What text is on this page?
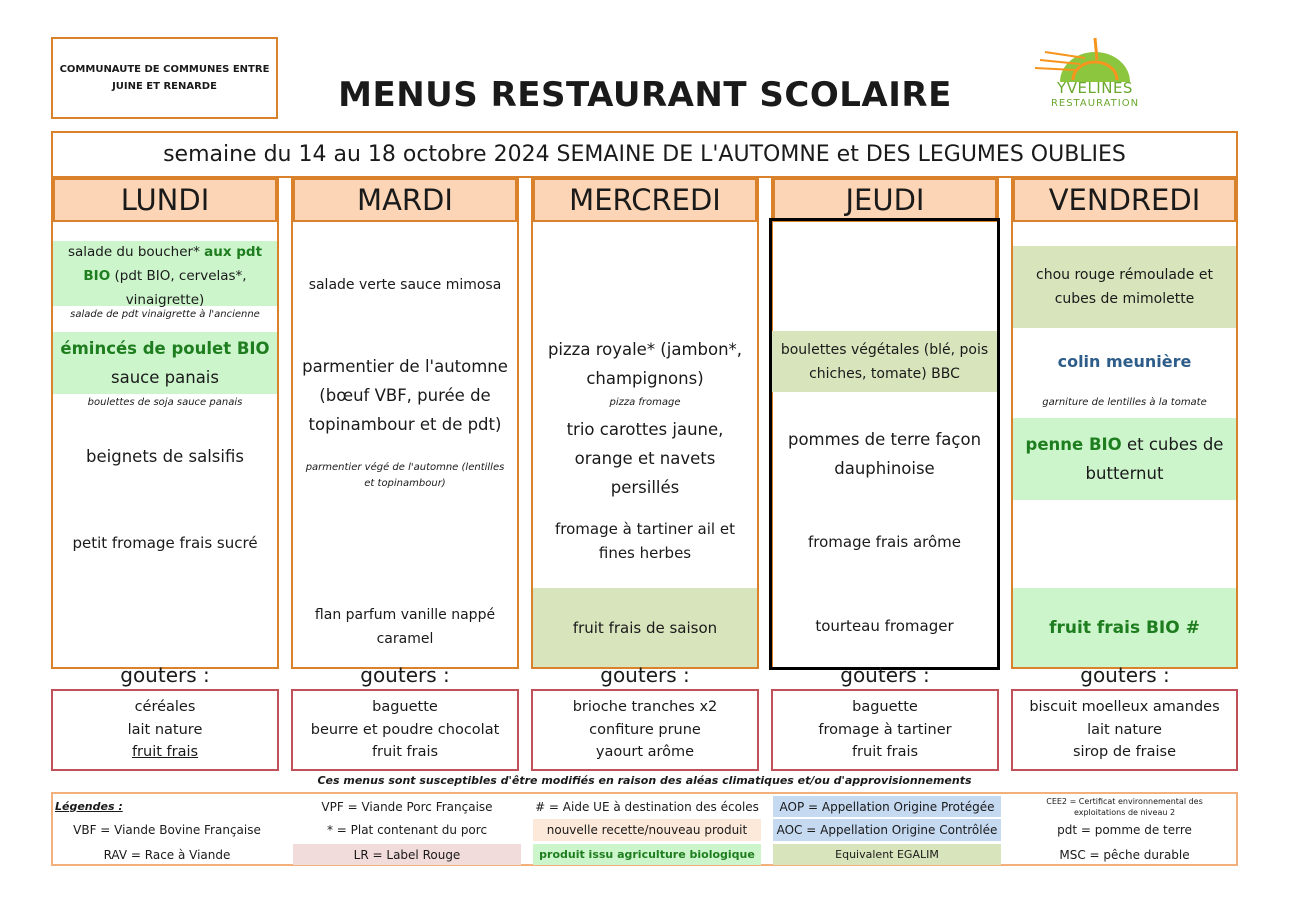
COMMUNAUTE DE COMMUNES ENTRE JUINE ET RENARDE	MENUS RESTAURANT SCOLAIRE	YVELINES
RESTAURATION
semaine du 14 au 18 octobre 2024 SEMAINE DE L'AUTOMNE et DES LEGUMES OUBLIES
LUNDI
salade du boucher* aux pdt BIO (pdt BIO, cervelas*, vinaigrette)
salade de pdt vinaigrette à l'ancienne
émincés de poulet BIO
sauce panais
boulettes de soja sauce panais
beignets de salsifis
petit fromage frais sucré
MARDI
salade verte sauce mimosa
parmentier de l'automne (bœuf VBF, purée de topinambour et de pdt)
parmentier végé de l'automne (lentilles et topinambour)
flan parfum vanille nappé caramel
MERCREDI
pizza royale* (jambon*, champignons)
pizza fromage
trio carottes jaune, orange et navets persillés
fromage à tartiner ail et fines herbes
fruit frais de saison
JEUDI
boulettes végétales (blé, pois chiches, tomate) BBC
pommes de terre façon dauphinoise
fromage frais arôme
tourteau fromager
VENDREDI
chou rouge rémoulade et cubes de mimolette
colin meunière
garniture de lentilles à la tomate
penne BIO et cubes de butternut
fruit frais BIO #
gouters :	gouters :	gouters :	gouters :	gouters :
céréales
lait nature
fruit frais
baguette
beurre et poudre chocolat
fruit frais
brioche tranches x2
confiture prune
yaourt arôme
baguette
fromage à tartiner
fruit frais
biscuit moelleux amandes
lait nature
sirop de fraise
Ces menus sont susceptibles d'être modifiés en raison des aléas climatiques et/ou d'approvisionnements
Légendes :	VPF = Viande Porc Française	# = Aide UE à destination des écoles	AOP = Appellation Origine Protégée	CEE2 = Certificat environnemental des exploitations de niveau 2
VBF = Viande Bovine Française	* = Plat contenant du porc	nouvelle recette/nouveau produit	AOC = Appellation Origine Contrôlée	pdt = pomme de terre
RAV = Race à Viande	LR = Label Rouge	produit issu agriculture biologique	Equivalent EGALIM	MSC = pêche durable
